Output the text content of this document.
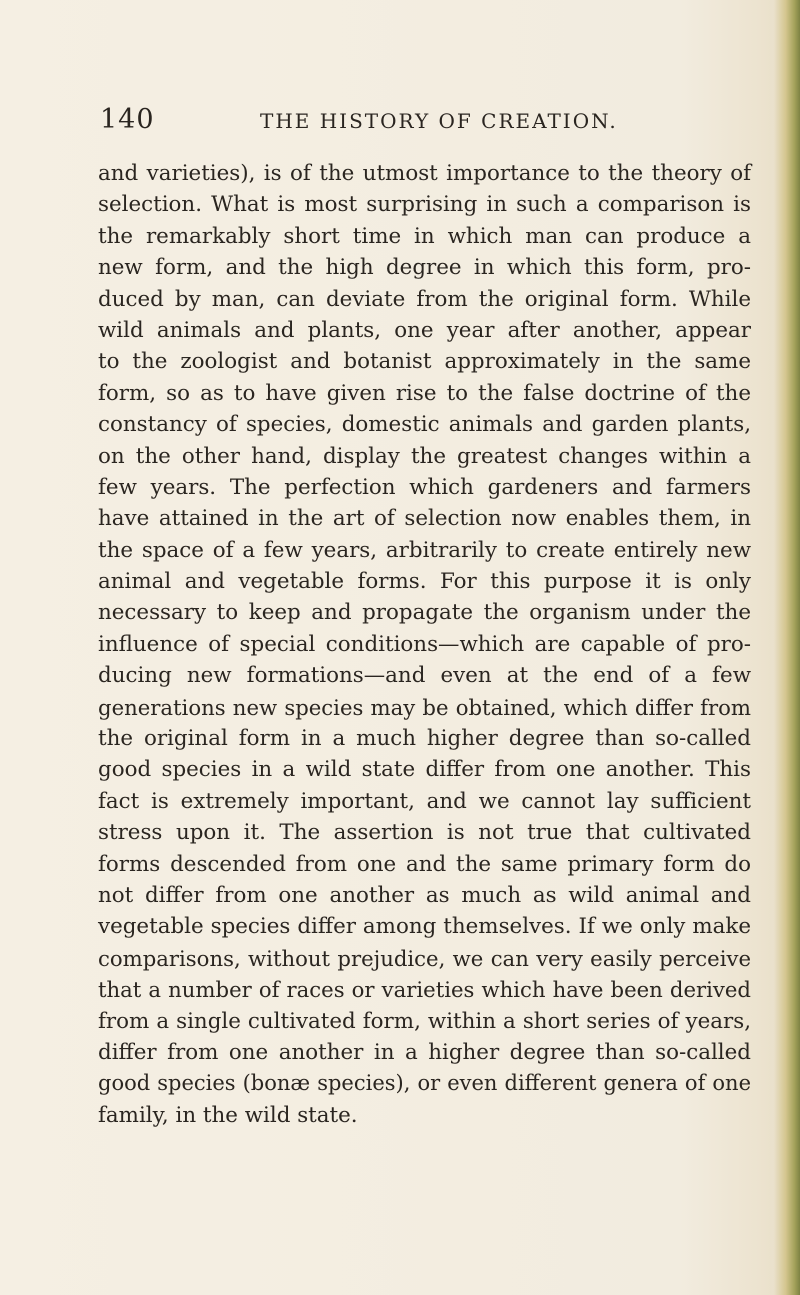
140	THE HISTORY OF CREATION.
and varieties), is of the utmost importance to the theory of
selection. What is most surprising in such a comparison is
the remarkably short time in which man can produce a
new form, and the high degree in which this form, pro-
duced by man, can deviate from the original form. While
wild animals and plants, one year after another, appear
to the zoologist and botanist approximately in the same
form, so as to have given rise to the false doctrine of the
constancy of species, domestic animals and garden plants,
on the other hand, display the greatest changes within a
few years. The perfection which gardeners and farmers
have attained in the art of selection now enables them, in
the space of a few years, arbitrarily to create entirely new
animal and vegetable forms. For this purpose it is only
necessary to keep and propagate the organism under the
influence of special conditions—which are capable of pro-
ducing new formations—and even at the end of a few
generations new species may be obtained, which differ from
the original form in a much higher degree than so-called
good species in a wild state differ from one another. This
fact is extremely important, and we cannot lay sufficient
stress upon it. The assertion is not true that cultivated
forms descended from one and the same primary form do
not differ from one another as much as wild animal and
vegetable species differ among themselves. If we only make
comparisons, without prejudice, we can very easily perceive
that a number of races or varieties which have been derived
from a single cultivated form, within a short series of years,
differ from one another in a higher degree than so-called
good species (bonæ species), or even different genera of one
family, in the wild state.
